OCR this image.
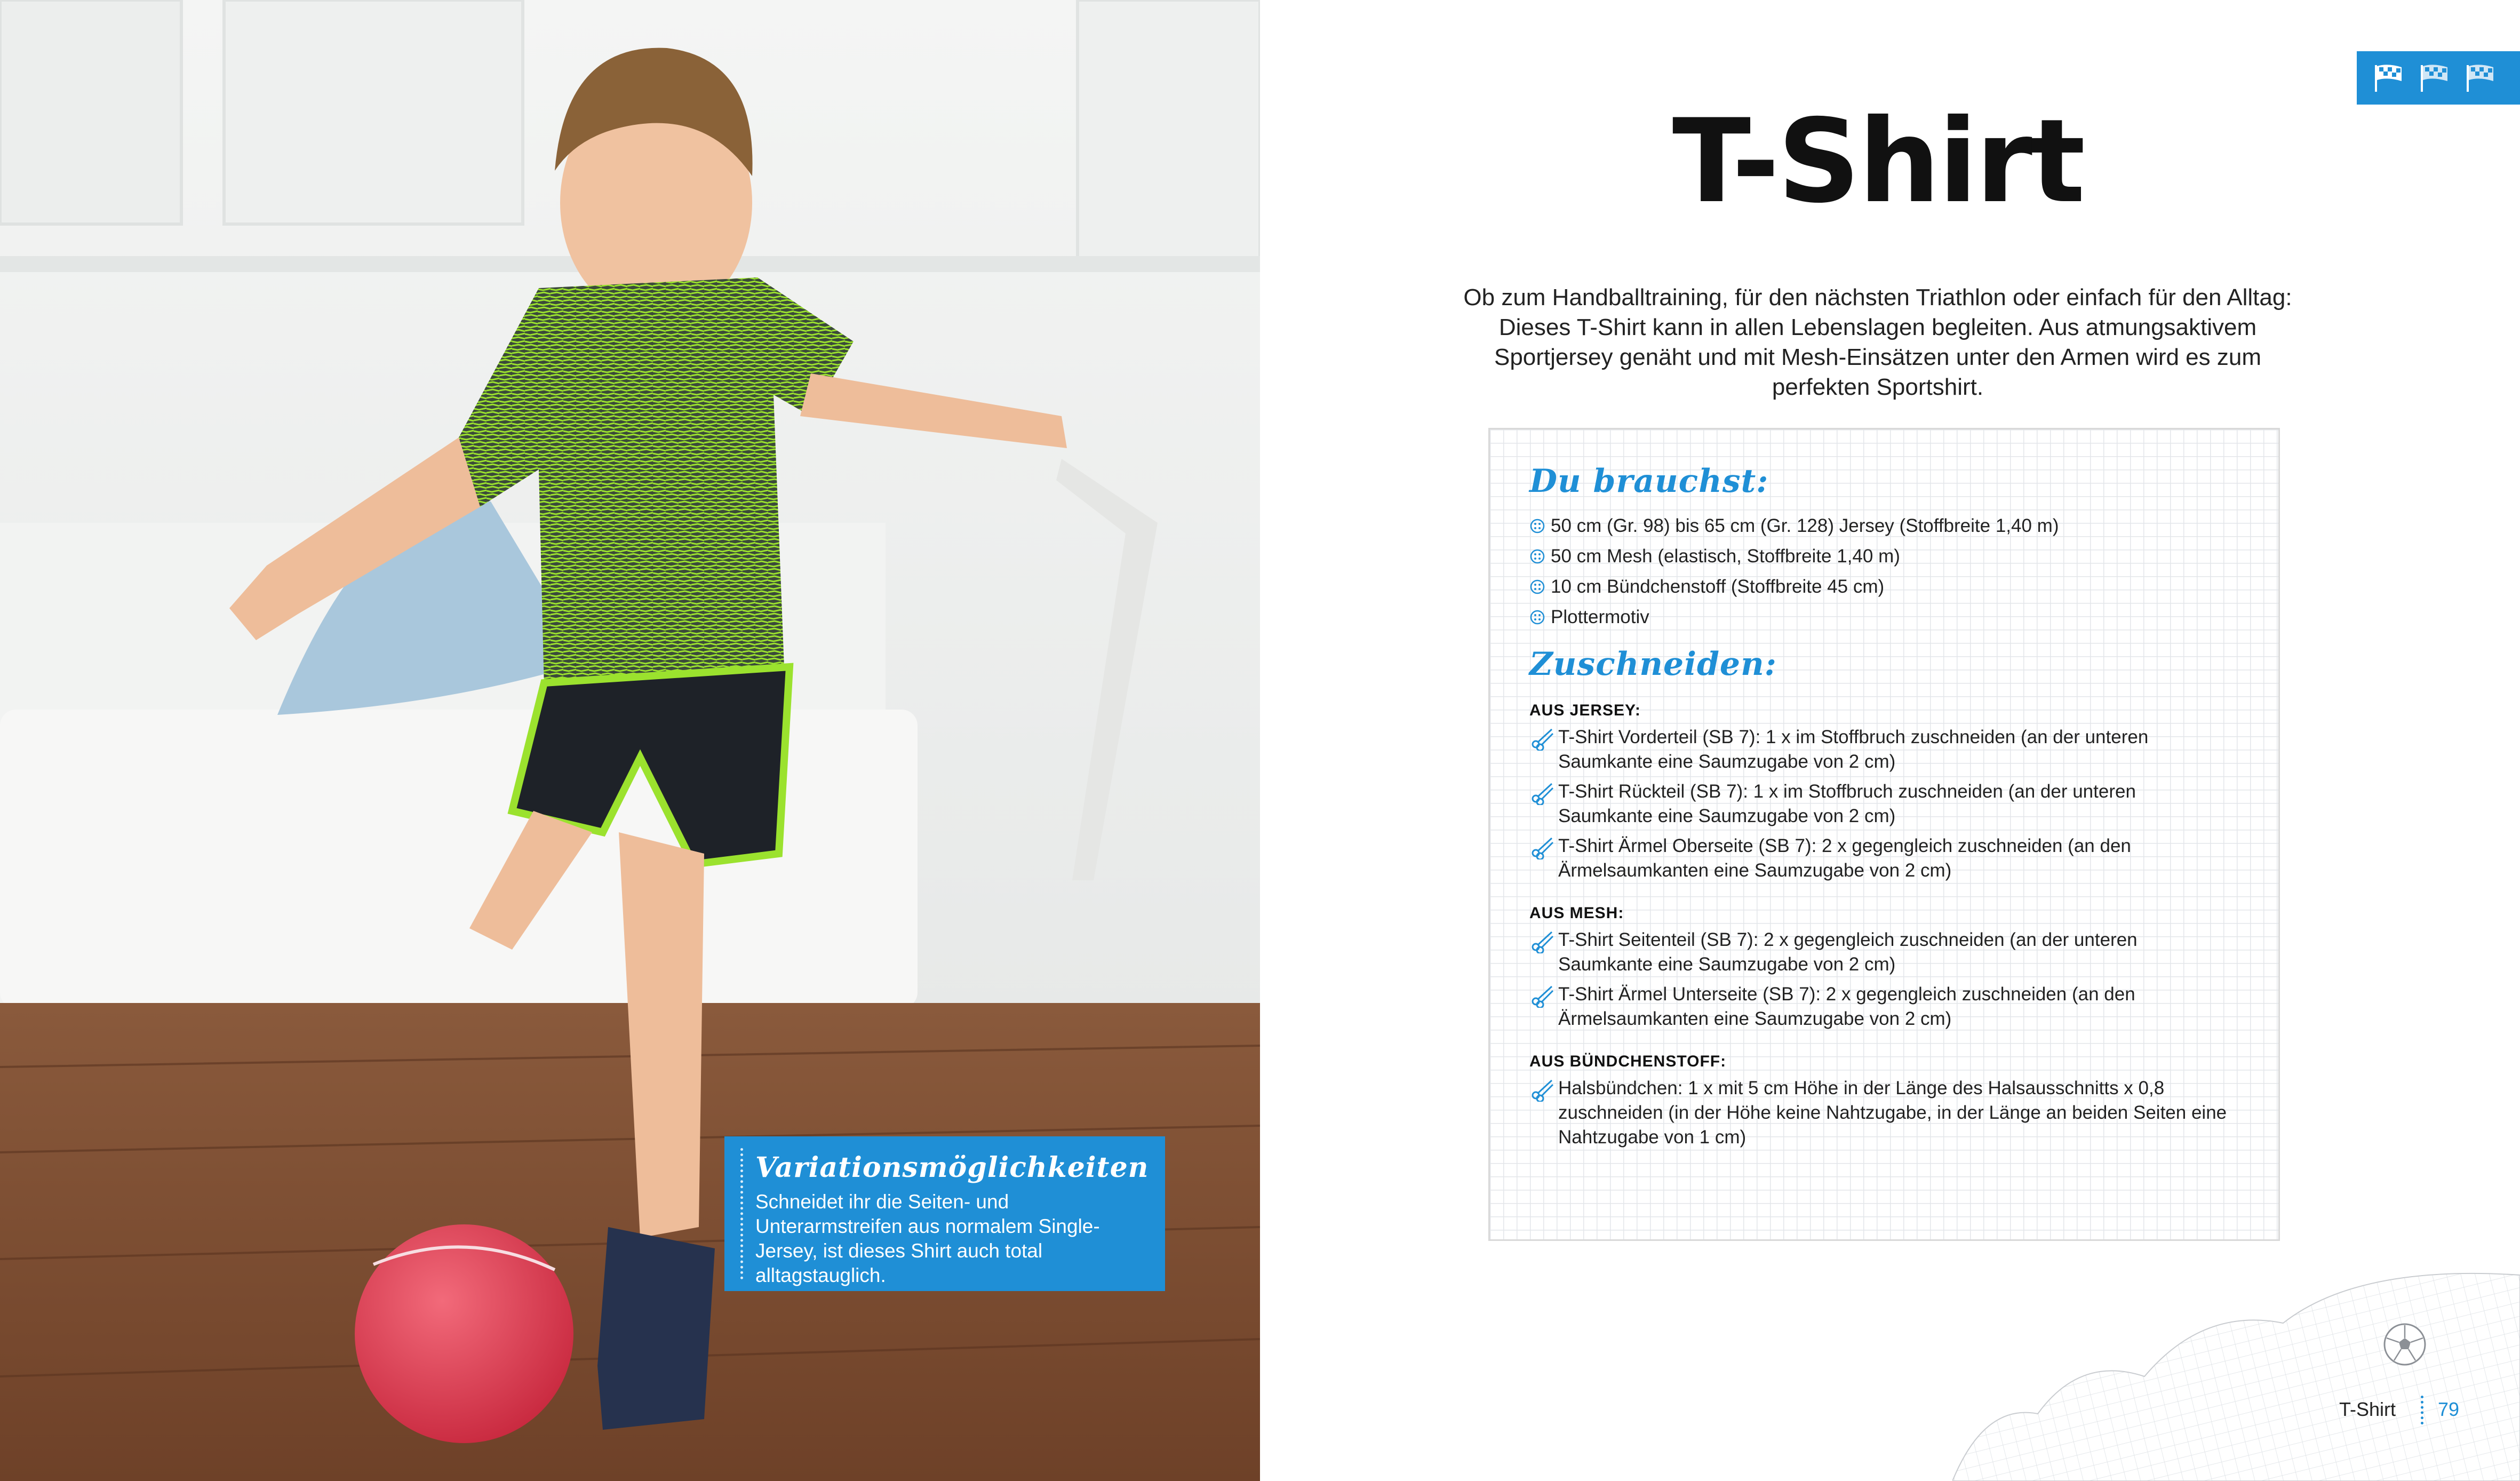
Variationsmöglichkeiten
Schneidet ihr die Seiten- und Unterarmstreifen aus normalem Single-Jersey, ist dieses Shirt auch total alltagstauglich.
T-Shirt
Ob zum Handballtraining, für den nächsten Triathlon oder einfach für den Alltag: Dieses T-Shirt kann in allen Lebenslagen begleiten. Aus atmungsaktivem Sportjersey genäht und mit Mesh-Einsätzen unter den Armen wird es zum perfekten Sportshirt.
Du brauchst:
50 cm (Gr. 98) bis 65 cm (Gr. 128) Jersey (Stoffbreite 1,40 m)
50 cm Mesh (elastisch, Stoffbreite 1,40 m)
10 cm Bündchenstoff (Stoffbreite 45 cm)
Plottermotiv
Zuschneiden:
AUS JERSEY:
T-Shirt Vorderteil (SB 7): 1 x im Stoffbruch zuschneiden (an der unteren Saumkante eine Saumzugabe von 2 cm)
T-Shirt Rückteil (SB 7): 1 x im Stoffbruch zuschneiden (an der unteren Saumkante eine Saumzugabe von 2 cm)
T-Shirt Ärmel Oberseite (SB 7): 2 x gegengleich zuschneiden (an den Ärmelsaumkanten eine Saumzugabe von 2 cm)
AUS MESH:
T-Shirt Seitenteil (SB 7): 2 x gegengleich zuschneiden (an der unteren Saumkante eine Saumzugabe von 2 cm)
T-Shirt Ärmel Unterseite (SB 7): 2 x gegengleich zuschneiden (an den Ärmelsaumkanten eine Saumzugabe von 2 cm)
AUS BÜNDCHENSTOFF:
Halsbündchen: 1 x mit 5 cm Höhe in der Länge des Halsausschnitts x 0,8 zuschneiden (in der Höhe keine Nahtzugabe, in der Länge an beiden Seiten eine Nahtzugabe von 1 cm)
T-Shirt 79
